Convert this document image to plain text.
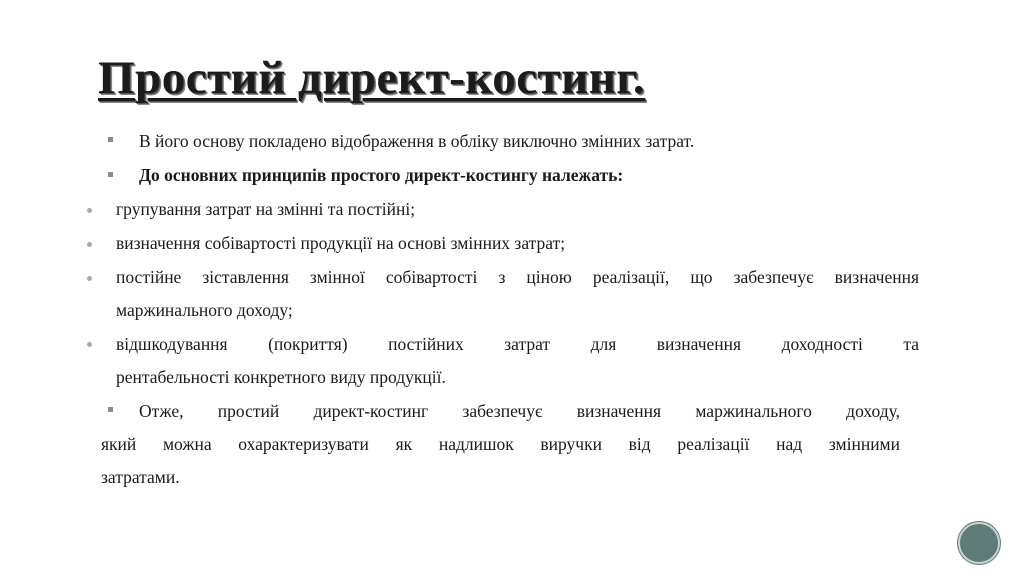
Простий директ-костинг.
В його основу покладено відображення в обліку виключно змінних затрат.
До основних принципів простого директ-костингу належать:
групування затрат на змінні та постійні;
визначення собівартості продукції на основі змінних затрат;
постійне зіставлення змінної собівартості з ціною реалізації, що забезпечує визначення
маржинального доходу;
відшкодування (покриття) постійних затрат для визначення доходності та
рентабельності конкретного виду продукції.
Отже, простий директ-костинг забезпечує визначення маржинального доходу,
який можна охарактеризувати як надлишок виручки від реалізації над змінними
затратами.
